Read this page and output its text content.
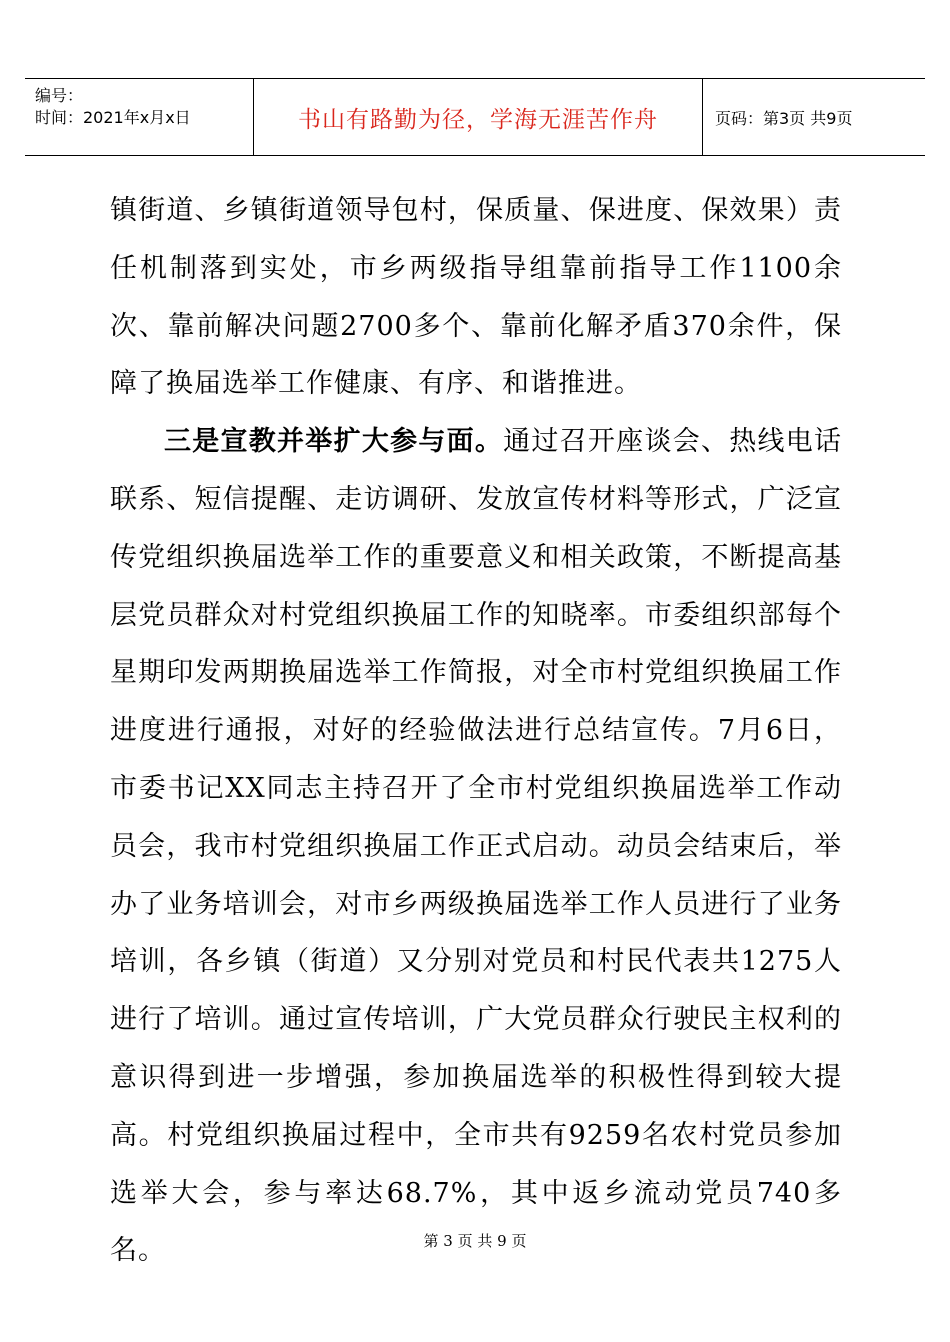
编号：
时间：2021年x月x日	书山有路勤为径，学海无涯苦作舟	页码：第3页 共9页

镇街道、乡镇街道领导包村，保质量、保进度、保效果）责任机制落到实处，市乡两级指导组靠前指导工作1100余次、靠前解决问题2700多个、靠前化解矛盾370余件，保障了换届选举工作健康、有序、和谐推进。

三是宣教并举扩大参与面。通过召开座谈会、热线电话联系、短信提醒、走访调研、发放宣传材料等形式，广泛宣传党组织换届选举工作的重要意义和相关政策，不断提高基层党员群众对村党组织换届工作的知晓率。市委组织部每个星期印发两期换届选举工作简报，对全市村党组织换届工作进度进行通报，对好的经验做法进行总结宣传。7月6日，市委书记XX同志主持召开了全市村党组织换届选举工作动员会，我市村党组织换届工作正式启动。动员会结束后，举办了业务培训会，对市乡两级换届选举工作人员进行了业务培训，各乡镇（街道）又分别对党员和村民代表共1275人进行了培训。通过宣传培训，广大党员群众行驶民主权利的意识得到进一步增强，参加换届选举的积极性得到较大提高。村党组织换届过程中，全市共有9259名农村党员参加选举大会，参与率达68.7%，其中返乡流动党员740多名。	第 3 页 共 9 页
